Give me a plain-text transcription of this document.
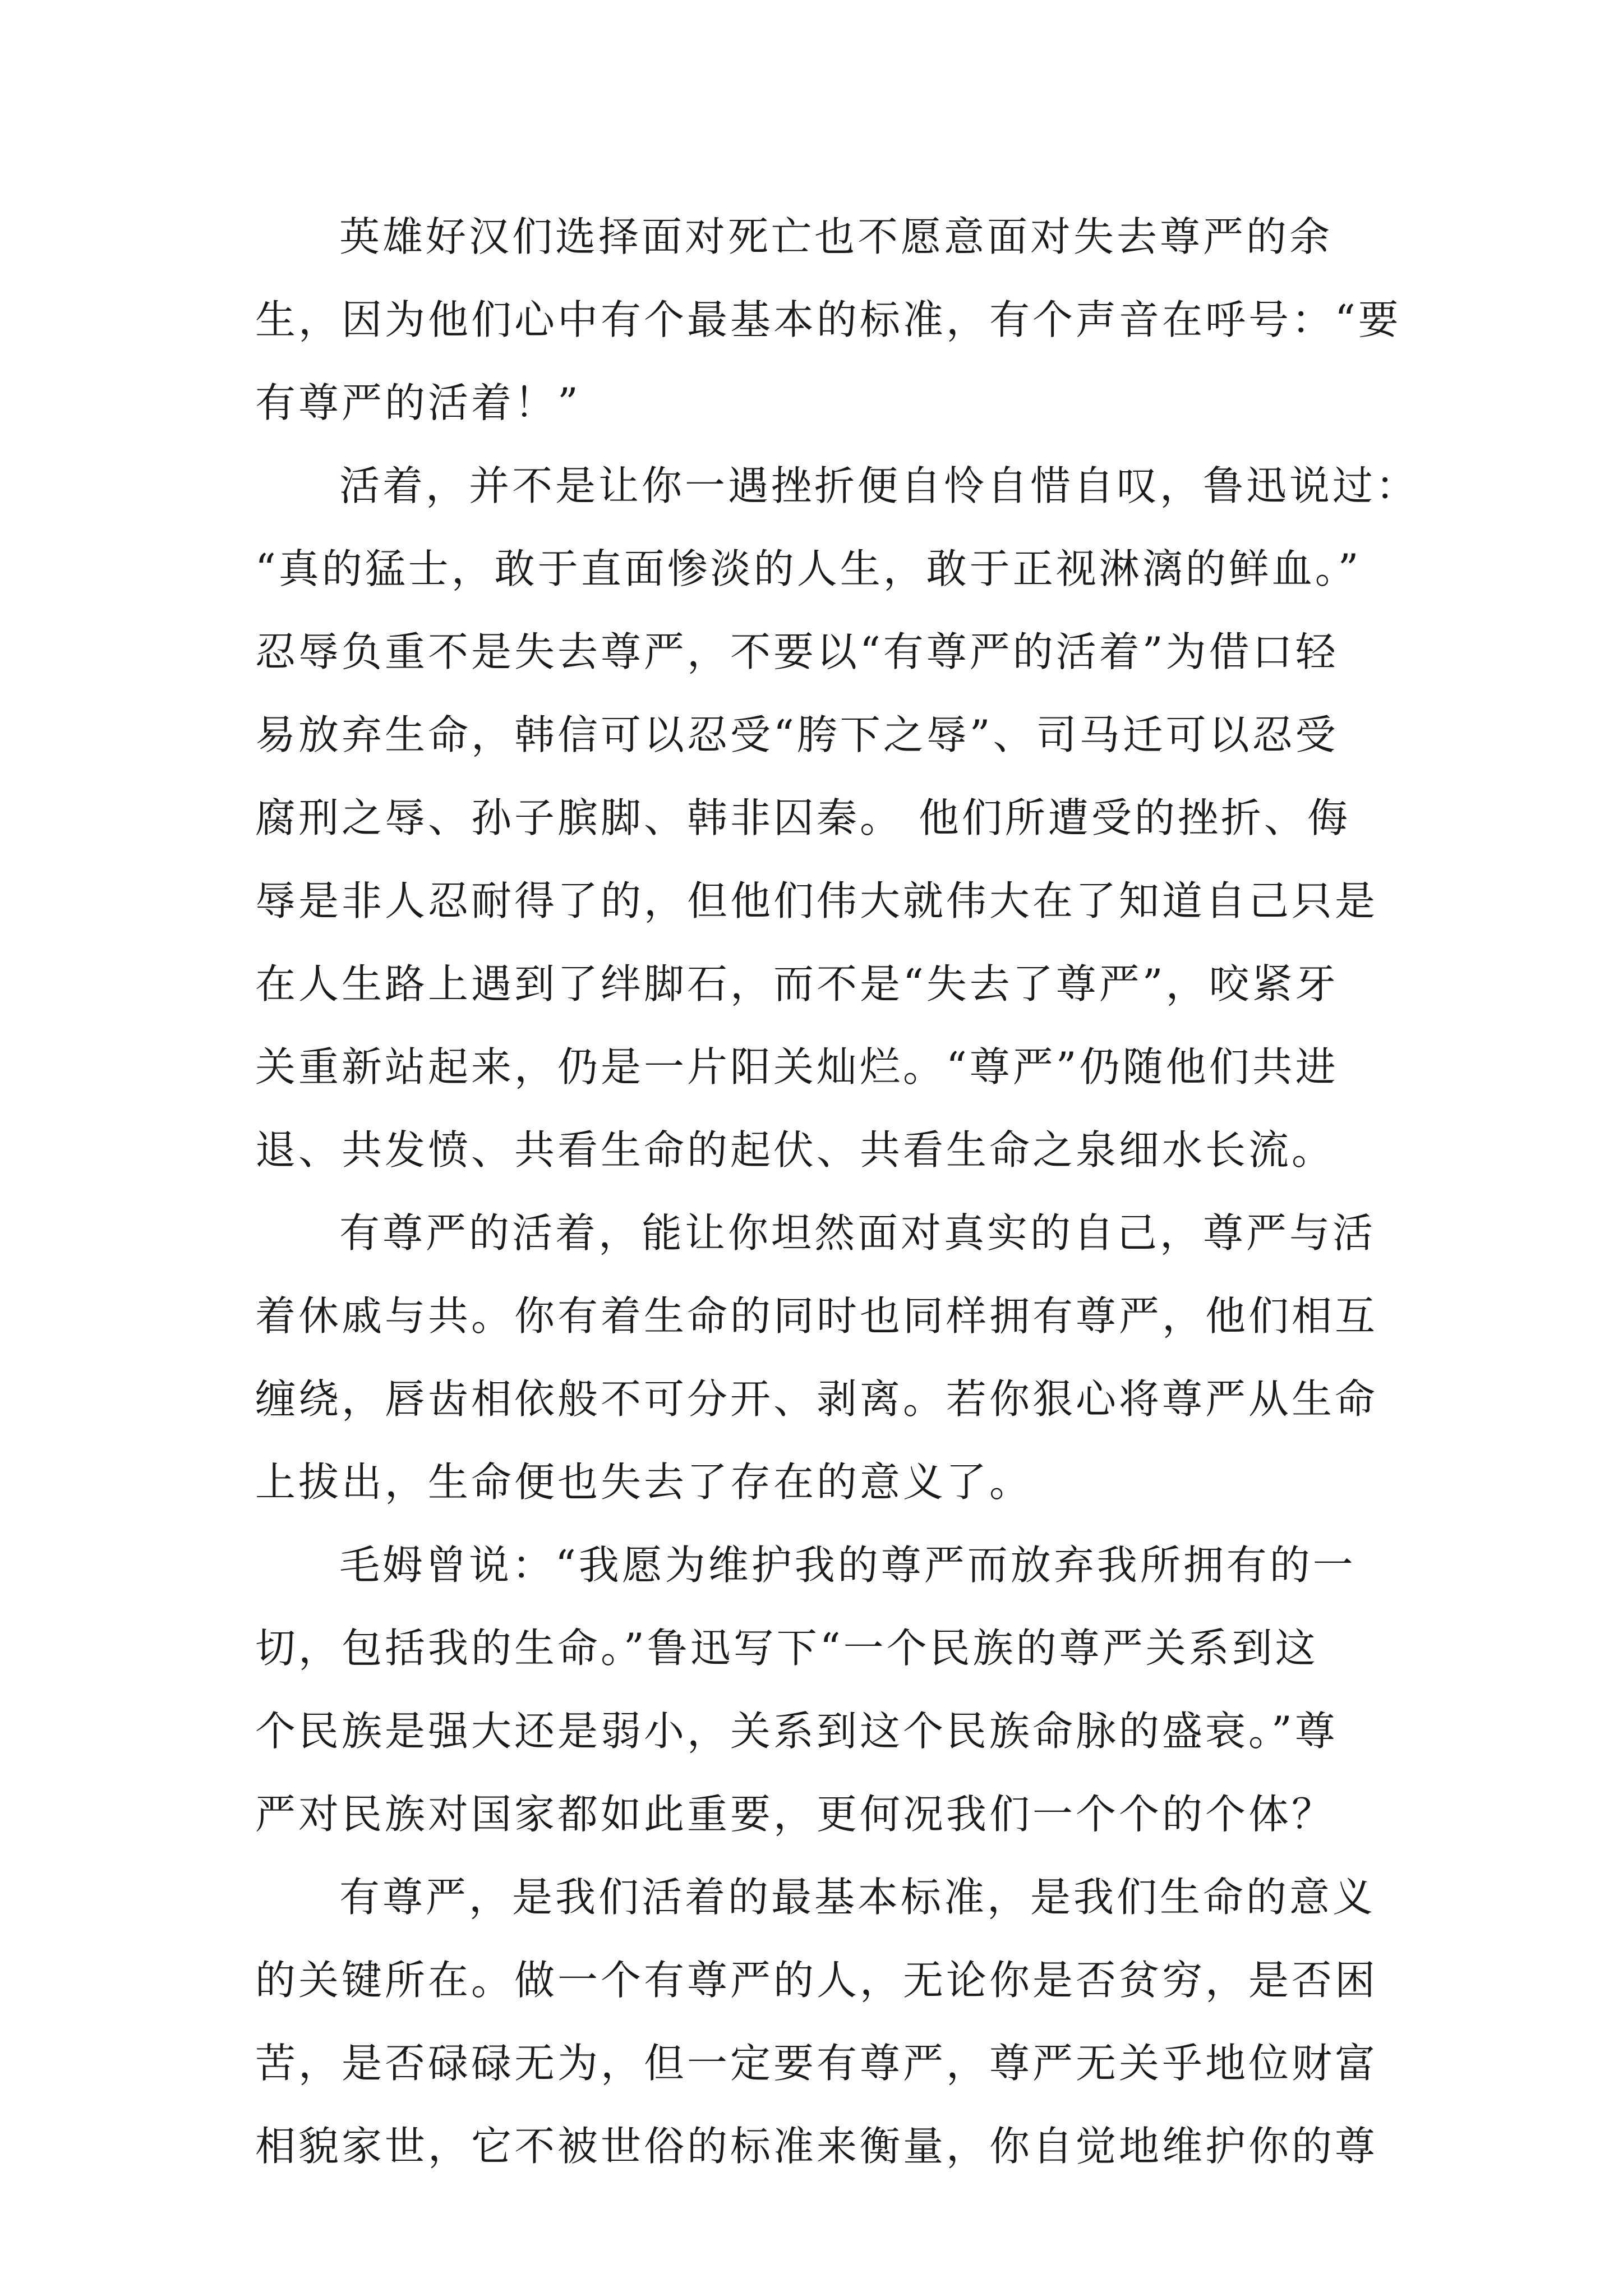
英雄好汉们选择面对死亡也不愿意面对失去尊严的余

生，因为他们心中有个最基本的标准，有个声音在呼号：“要

有尊严的活着！”

活着，并不是让你一遇挫折便自怜自惜自叹，鲁迅说过：

“真的猛士，敢于直面惨淡的人生，敢于正视淋漓的鲜血。”

忍辱负重不是失去尊严，不要以“有尊严的活着”为借口轻

易放弃生命，韩信可以忍受“胯下之辱”、司马迁可以忍受

腐刑之辱、孙子膑脚、韩非囚秦。 他们所遭受的挫折、侮

辱是非人忍耐得了的，但他们伟大就伟大在了知道自己只是

在人生路上遇到了绊脚石，而不是“失去了尊严”，咬紧牙

关重新站起来，仍是一片阳关灿烂。“尊严”仍随他们共进

退、共发愤、共看生命的起伏、共看生命之泉细水长流。

有尊严的活着，能让你坦然面对真实的自己，尊严与活

着休戚与共。你有着生命的同时也同样拥有尊严，他们相互

缠绕，唇齿相依般不可分开、剥离。若你狠心将尊严从生命

上拔出，生命便也失去了存在的意义了。

毛姆曾说：“我愿为维护我的尊严而放弃我所拥有的一

切，包括我的生命。”鲁迅写下“一个民族的尊严关系到这

个民族是强大还是弱小，关系到这个民族命脉的盛衰。”尊

严对民族对国家都如此重要，更何况我们一个个的个体？

有尊严，是我们活着的最基本标准，是我们生命的意义

的关键所在。做一个有尊严的人，无论你是否贫穷，是否困

苦，是否碌碌无为，但一定要有尊严，尊严无关乎地位财富

相貌家世，它不被世俗的标准来衡量，你自觉地维护你的尊
